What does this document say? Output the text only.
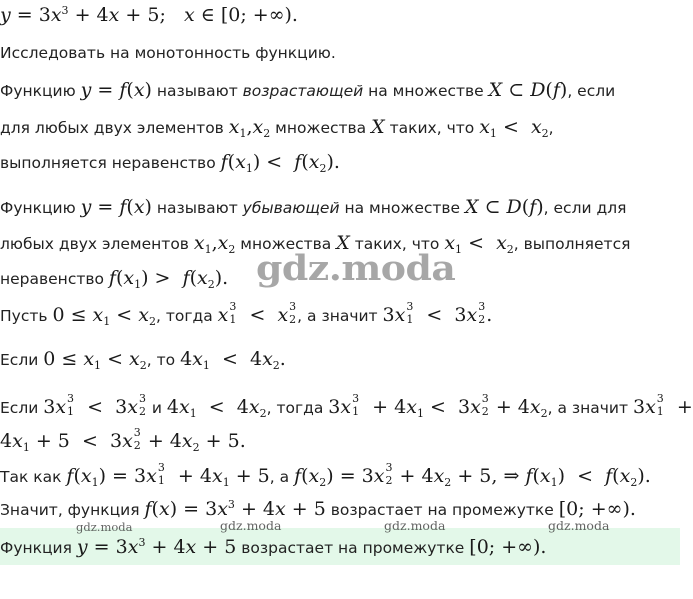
$y = 3x^3 + 4x + 5$;   x ∈ [0; +∞).

Исследовать на монотонность функцию.

Функцию y = f(x) называют возрастающей на множестве X ⊂ D(f), если

для любых двух элементов $x_1,x_2$ множества X таких, что $x_1 < x_2$,

выполняется неравенство $f(x_1) < f(x_2)$.

Функцию y = f(x) называют убывающей на множестве X ⊂ D(f), если для

любых двух элементов $x_1,x_2$ множества X таких, что $x_1 < x_2$, выполняется

неравенство $f(x_1) > f(x_2)$. gdz.moda

Пусть $0 \le x_1 < x_2$, тогда x 3
1 <  x 3
2 , а значит 3x 3
1 <  3x 3
2 .

Если $0 \le x_1 < x_2$, то $4x_1 < 4x_2$.

Если 3x 3
1 <  3x 3
2 и $4x_1 < 4x_2$, тогда 3x 3
$1 + 4x_1 < 3x$ 3
$2 + 4x_2$, а значит 3x 3
1 +

$4x_1 + 5 < 3x$ 3
$2 + 4x_2 + 5$.

Так как $f(x_1) = 3x$ 3
$1 + 4x_1 + 5$, а $f(x_2) = 3x$ 3
$2 + 4x_2 + 5$, ⇒ $f(x_1) < f(x_2)$.

Значит, функция $f(x) = 3x^3 + 4x + 5$ возрастает на промежутке [0; +∞).

gdz.moda	gdz.moda	gdz.moda	gdz.moda

Функция $y = 3x^3 + 4x + 5$ возрастает на промежутке [0; +∞).
